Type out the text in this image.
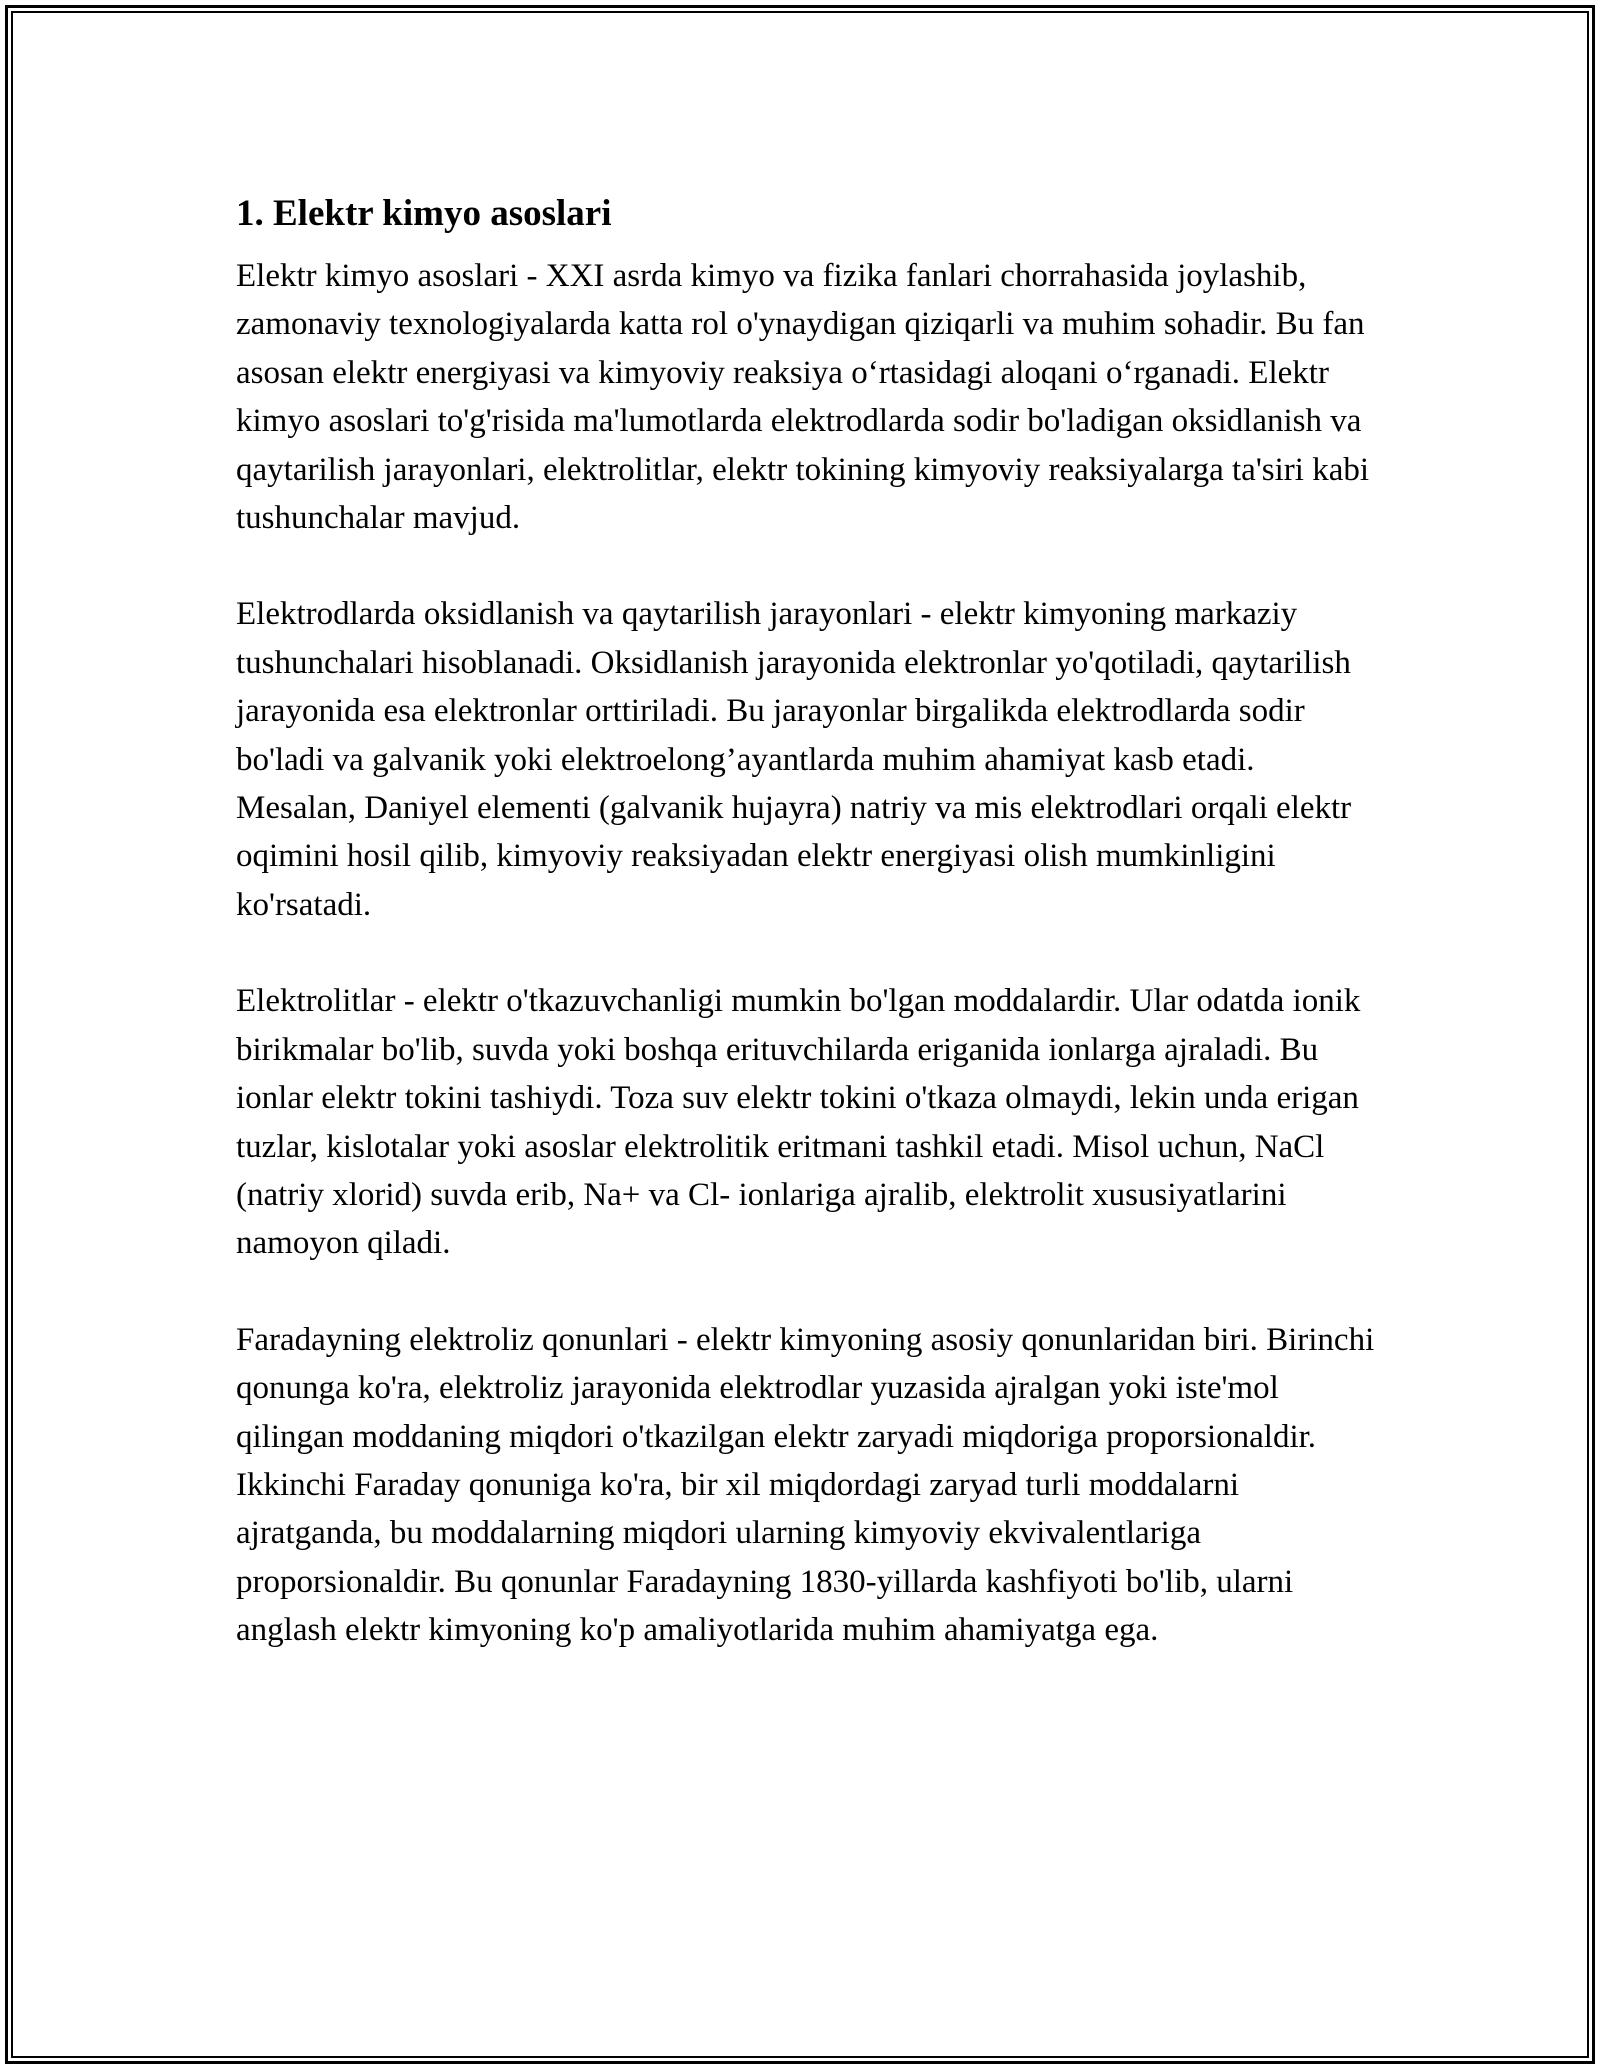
1. Elektr kimyo asoslari

Elektr kimyo asoslari - XXI asrda kimyo va fizika fanlari chorrahasida joylashib, zamonaviy texnologiyalarda katta rol o'ynaydigan qiziqarli va muhim sohadir. Bu fan asosan elektr energiyasi va kimyoviy reaksiya oʻrtasidagi aloqani oʻrganadi. Elektr kimyo asoslari to'g'risida ma'lumotlarda elektrodlarda sodir bo'ladigan oksidlanish va qaytarilish jarayonlari, elektrolitlar, elektr tokining kimyoviy reaksiyalarga ta'siri kabi tushunchalar mavjud.

Elektrodlarda oksidlanish va qaytarilish jarayonlari - elektr kimyoning markaziy tushunchalari hisoblanadi. Oksidlanish jarayonida elektronlar yo'qotiladi, qaytarilish jarayonida esa elektronlar orttiriladi. Bu jarayonlar birgalikda elektrodlarda sodir bo'ladi va galvanik yoki elektroelong’ayantlarda muhim ahamiyat kasb etadi. Mesalan, Daniyel elementi (galvanik hujayra) natriy va mis elektrodlari orqali elektr oqimini hosil qilib, kimyoviy reaksiyadan elektr energiyasi olish mumkinligini ko'rsatadi.

Elektrolitlar - elektr o'tkazuvchanligi mumkin bo'lgan moddalardir. Ular odatda ionik birikmalar bo'lib, suvda yoki boshqa erituvchilarda eriganida ionlarga ajraladi. Bu ionlar elektr tokini tashiydi. Toza suv elektr tokini o'tkaza olmaydi, lekin unda erigan tuzlar, kislotalar yoki asoslar elektrolitik eritmani tashkil etadi. Misol uchun, NaCl (natriy xlorid) suvda erib, Na+ va Cl- ionlariga ajralib, elektrolit xususiyatlarini namoyon qiladi.

Faradayning elektroliz qonunlari - elektr kimyoning asosiy qonunlaridan biri. Birinchi qonunga ko'ra, elektroliz jarayonida elektrodlar yuzasida ajralgan yoki iste'mol qilingan moddaning miqdori o'tkazilgan elektr zaryadi miqdoriga proporsionaldir. Ikkinchi Faraday qonuniga ko'ra, bir xil miqdordagi zaryad turli moddalarni ajratganda, bu moddalarning miqdori ularning kimyoviy ekvivalentlariga proporsionaldir. Bu qonunlar Faradayning 1830-yillarda kashfiyoti bo'lib, ularni anglash elektr kimyoning ko'p amaliyotlarida muhim ahamiyatga ega.
